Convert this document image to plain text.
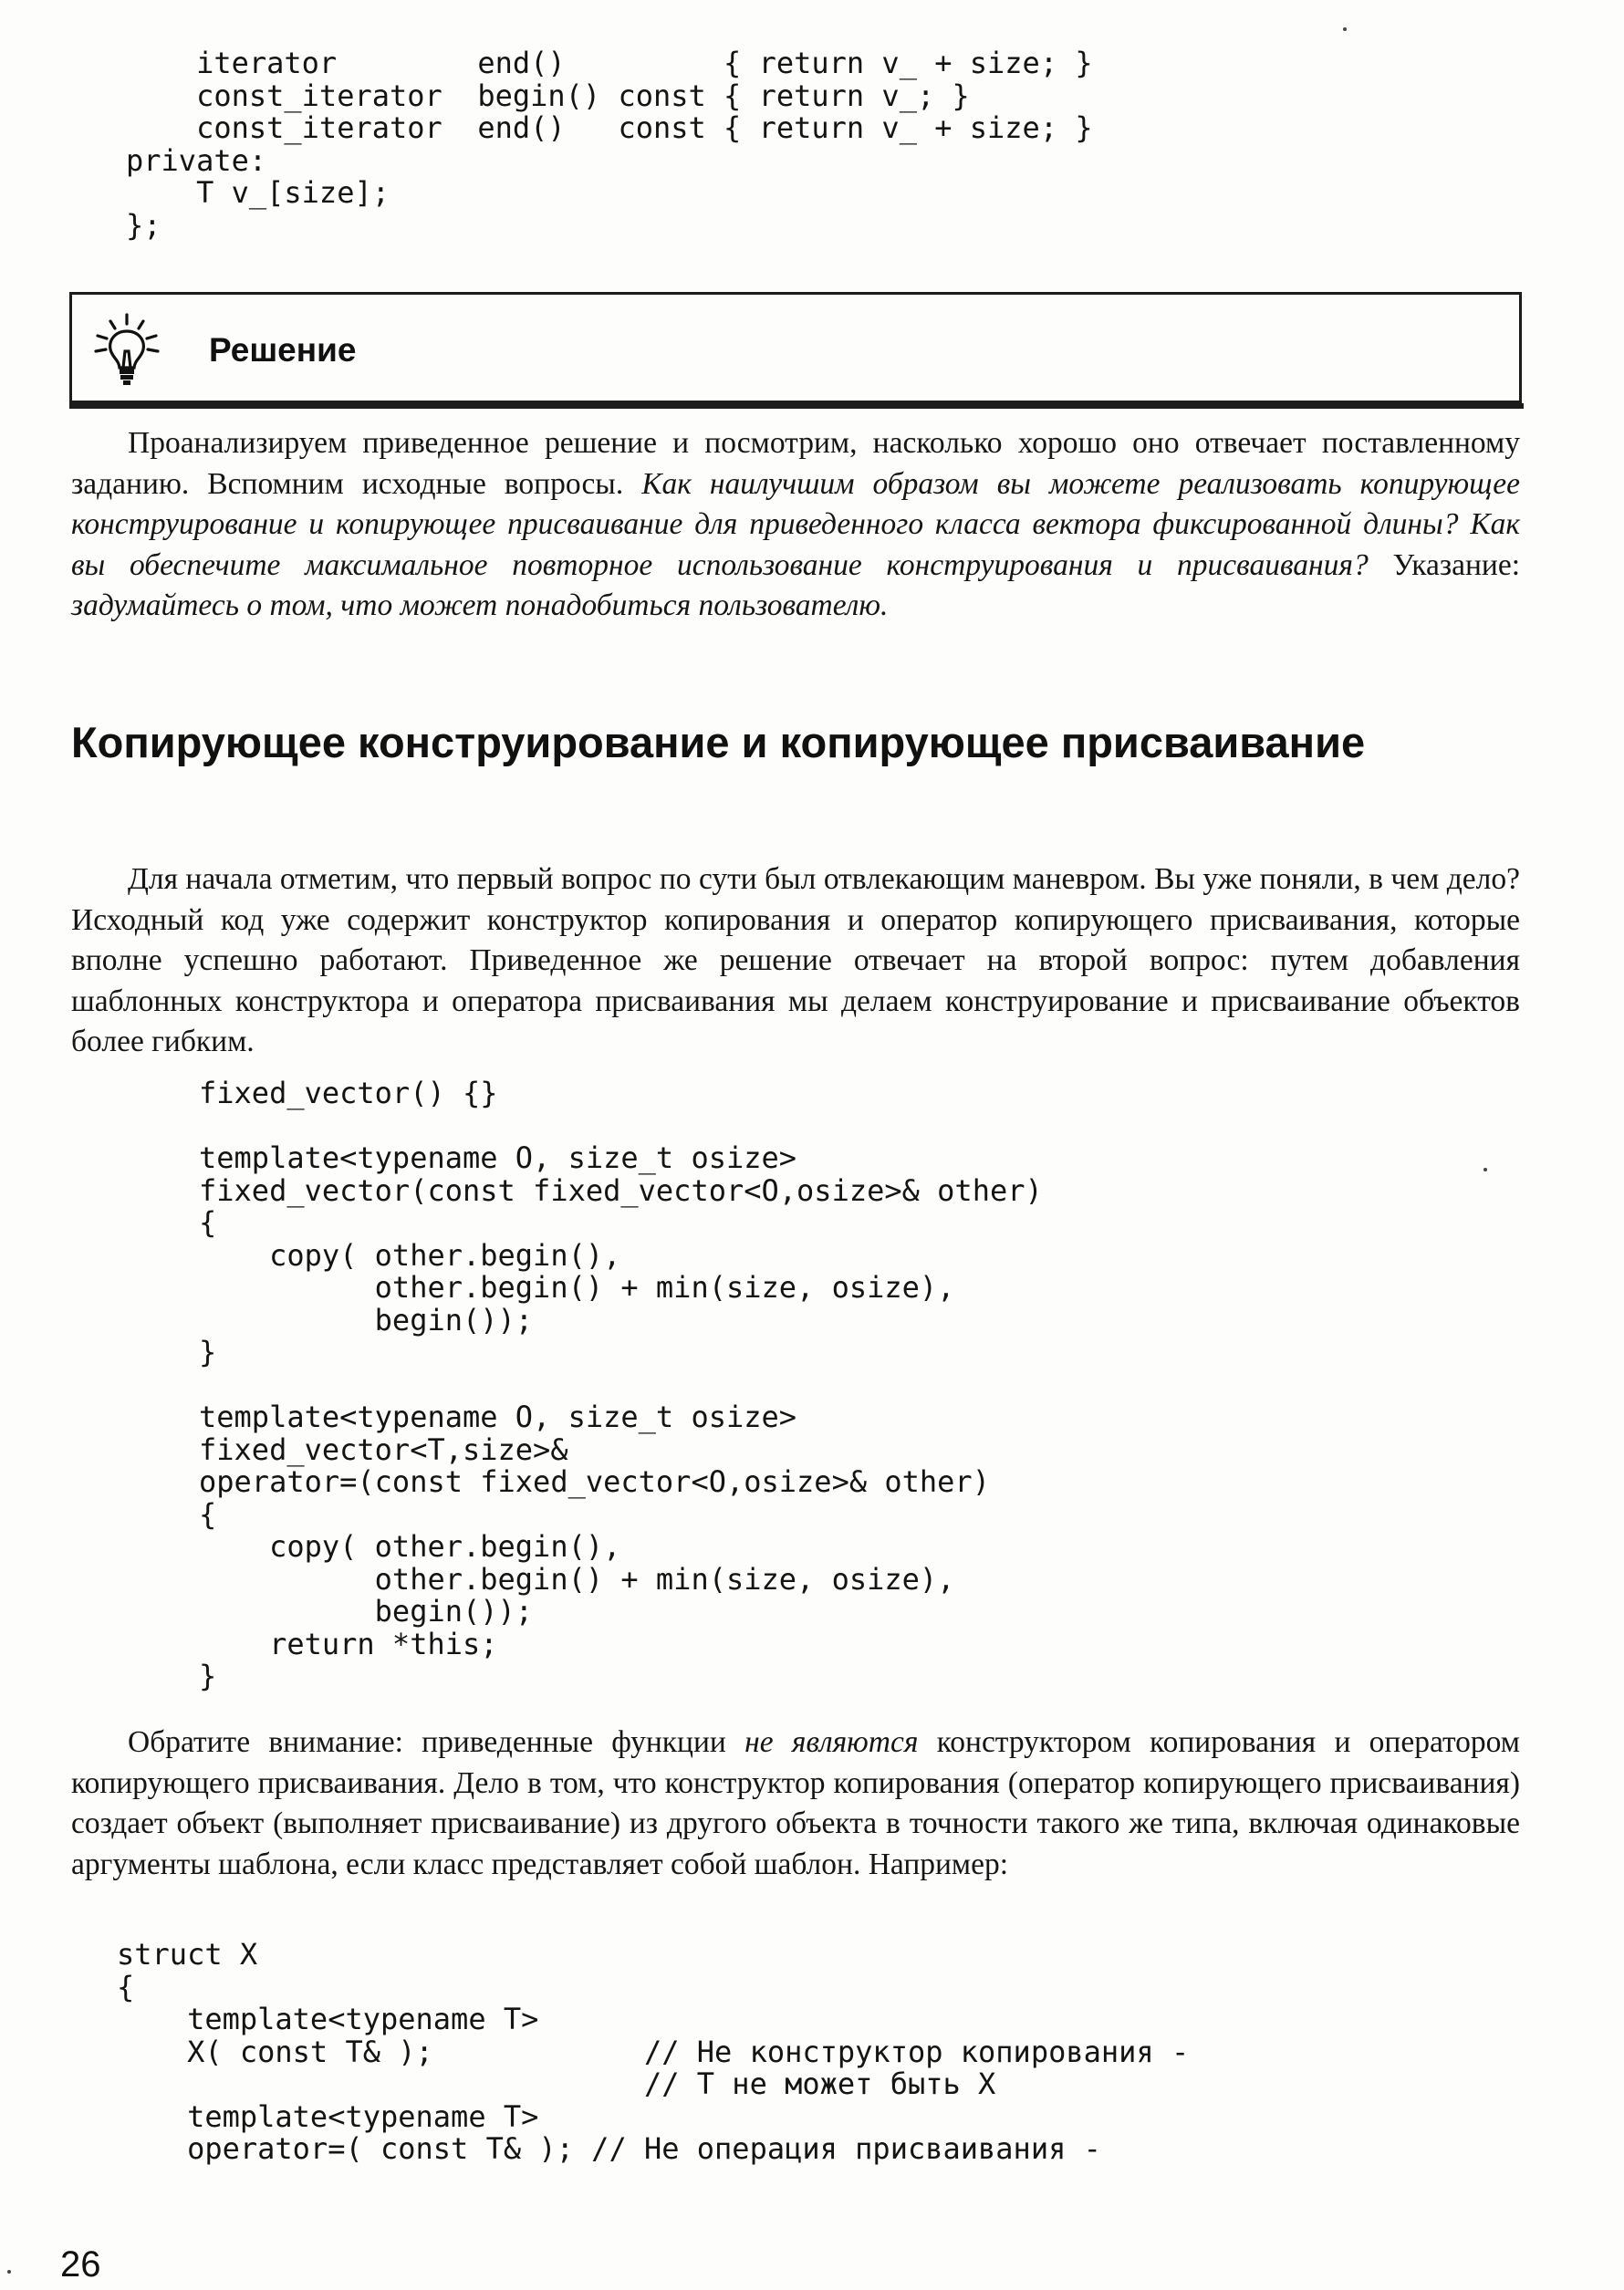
iterator        end()         { return v_ + size; }
const_iterator  begin() const { return v_; }
const_iterator  end()   const { return v_ + size; }
private:
T v_[size];
};
Решение

Проанализируем приведенное решение и посмотрим, насколько хорошо оно отвечает поставленному заданию. Вспомним исходные вопросы. Как наилучшим образом вы можете реализовать копирующее конструирование и копирующее присваивание для приведенного класса вектора фиксированной длины? Как вы обеспечите максимальное повторное использование конструирования и присваивания? Указание: задумайтесь о том, что может понадобиться пользователю.

Копирующее конструирование и копирующее присваивание

Для начала отметим, что первый вопрос по сути был отвлекающим маневром. Вы уже поняли, в чем дело? Исходный код уже содержит конструктор копирования и оператор копирующего присваивания, которые вполне успешно работают. Приведенное же решение отвечает на второй вопрос: путем добавления шаблонных конструктора и оператора присваивания мы делаем конструирование и присваивание объектов более гибким.

fixed_vector() {}
template<typename O, size_t osize>
fixed_vector(const fixed_vector<O,osize>& other)
{
copy( other.begin(),
other.begin() + min(size, osize),
begin());
}
template<typename O, size_t osize>
fixed_vector<T,size>&
operator=(const fixed_vector<O,osize>& other)
{
copy( other.begin(),
other.begin() + min(size, osize),
begin());
return *this;
}

Обратите внимание: приведенные функции не являются конструктором копирования и оператором копирующего присваивания. Дело в том, что конструктор копирования (оператор копирующего присваивания) создает объект (выполняет присваивание) из другого объекта в точности такого же типа, включая одинаковые аргументы шаблона, если класс представляет собой шаблон. Например:

struct X
{
template<typename T>
X( const T& );            // Не конструктор копирования -
// T не может быть X
template<typename T>
operator=( const T& ); // Не операция присваивания -
26
